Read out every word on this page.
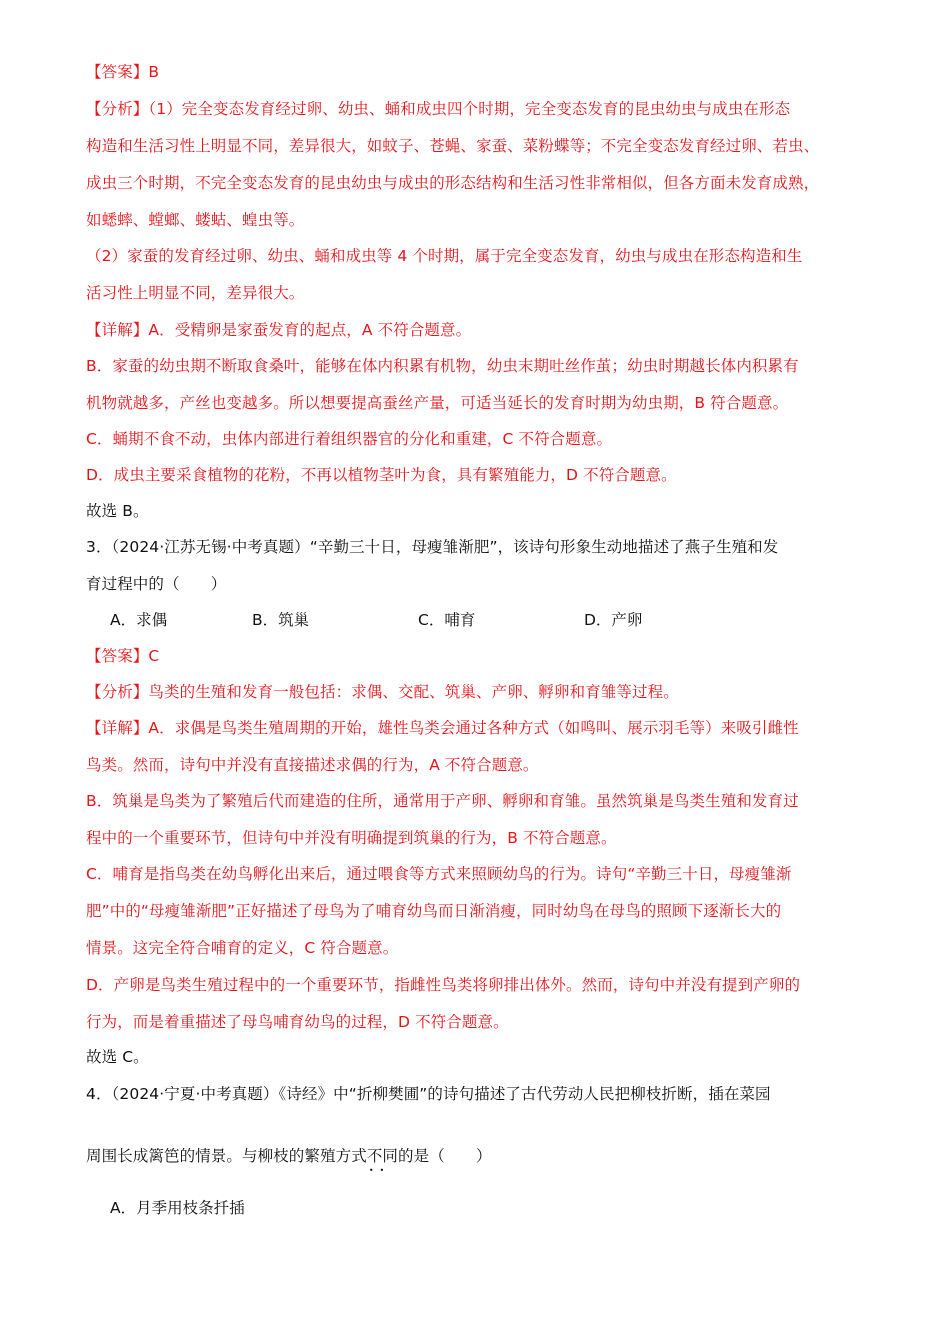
【答案】B
【分析】（1）完全变态发育经过卵、幼虫、蛹和成虫四个时期，完全变态发育的昆虫幼虫与成虫在形态
构造和生活习性上明显不同，差异很大，如蚊子、苍蝇、家蚕、菜粉蝶等；不完全变态发育经过卵、若虫、
成虫三个时期，不完全变态发育的昆虫幼虫与成虫的形态结构和生活习性非常相似，但各方面未发育成熟，
如蟋蟀、螳螂、蝼蛄、蝗虫等。
（2）家蚕的发育经过卵、幼虫、蛹和成虫等 4 个时期，属于完全变态发育，幼虫与成虫在形态构造和生
活习性上明显不同，差异很大。
【详解】A．受精卵是家蚕发育的起点，A 不符合题意。
B．家蚕的幼虫期不断取食桑叶，能够在体内积累有机物，幼虫末期吐丝作茧；幼虫时期越长体内积累有
机物就越多，产丝也变越多。所以想要提高蚕丝产量，可适当延长的发育时期为幼虫期，B 符合题意。
C．蛹期不食不动，虫体内部进行着组织器官的分化和重建，C 不符合题意。
D．成虫主要采食植物的花粉，不再以植物茎叶为食，具有繁殖能力，D 不符合题意。
故选 B。
3．（2024·江苏无锡·中考真题）“辛勤三十日，母瘦雏渐肥”，该诗句形象生动地描述了燕子生殖和发
育过程中的（　　）
A．求偶	B．筑巢	C．哺育	D．产卵
【答案】C
【分析】鸟类的生殖和发育一般包括：求偶、交配、筑巢、产卵、孵卵和育雏等过程。
【详解】A．求偶是鸟类生殖周期的开始，雄性鸟类会通过各种方式（如鸣叫、展示羽毛等）来吸引雌性
鸟类。然而，诗句中并没有直接描述求偶的行为，A 不符合题意。
B．筑巢是鸟类为了繁殖后代而建造的住所，通常用于产卵、孵卵和育雏。虽然筑巢是鸟类生殖和发育过
程中的一个重要环节，但诗句中并没有明确提到筑巢的行为，B 不符合题意。
C．哺育是指鸟类在幼鸟孵化出来后，通过喂食等方式来照顾幼鸟的行为。诗句“辛勤三十日，母瘦雏渐
肥”中的“母瘦雏渐肥”正好描述了母鸟为了哺育幼鸟而日渐消瘦，同时幼鸟在母鸟的照顾下逐渐长大的
情景。这完全符合哺育的定义，C 符合题意。
D．产卵是鸟类生殖过程中的一个重要环节，指雌性鸟类将卵排出体外。然而，诗句中并没有提到产卵的
行为，而是着重描述了母鸟哺育幼鸟的过程，D 不符合题意。
故选 C。
4．（2024·宁夏·中考真题）《诗经》中“折柳樊圃”的诗句描述了古代劳动人民把柳枝折断，插在菜园
周围长成篱笆的情景。与柳枝的繁殖方式不同 ••的是（　　）
A．月季用枝条扦插
